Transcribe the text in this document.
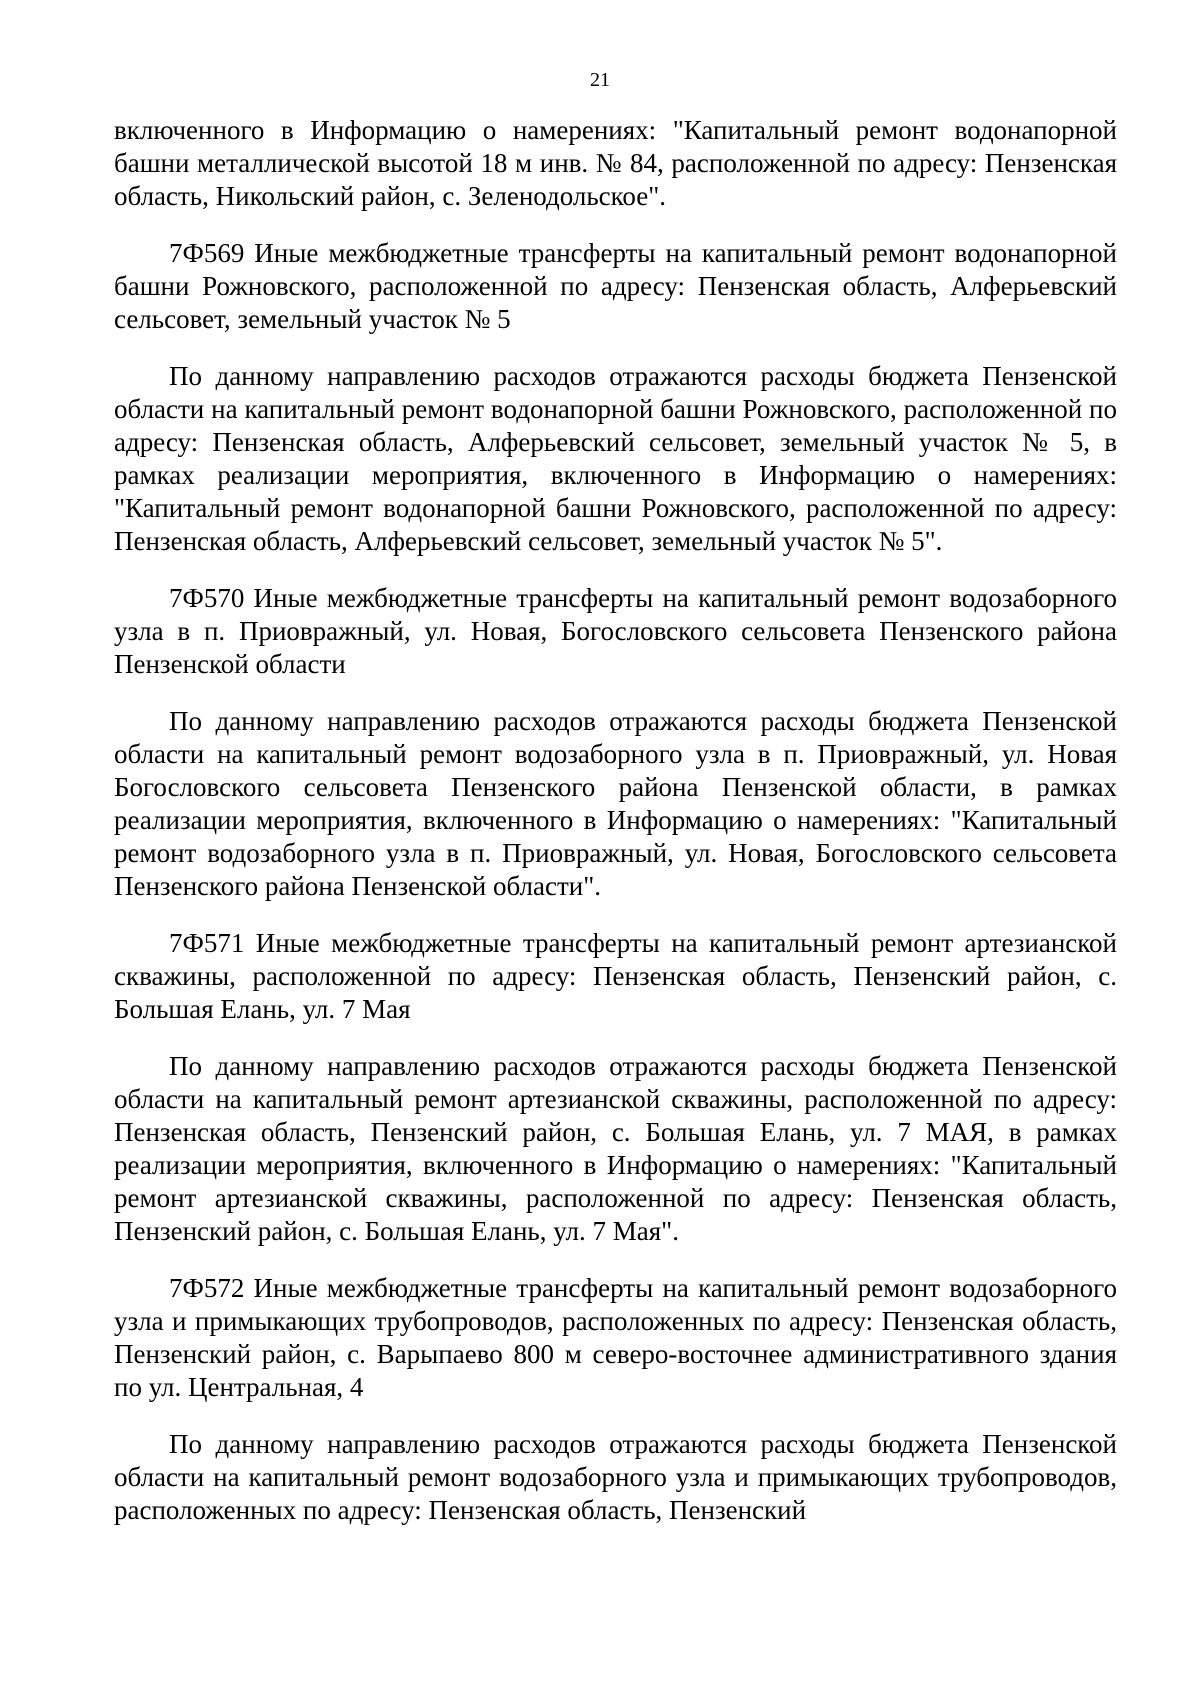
21

включенного в Информацию о намерениях: "Капитальный ремонт водонапорной башни металлической высотой 18 м инв. № 84, расположенной по адресу: Пензенская область, Никольский район, с. Зеленодольское".

7Ф569 Иные межбюджетные трансферты на капитальный ремонт водонапорной башни Рожновского, расположенной по адресу: Пензенская область, Алферьевский сельсовет, земельный участок № 5

По данному направлению расходов отражаются расходы бюджета Пензенской области на капитальный ремонт водонапорной башни Рожновского, расположенной по адресу: Пензенская область, Алферьевский сельсовет, земельный участок № 5, в рамках реализации мероприятия, включенного в Информацию о намерениях: "Капитальный ремонт водонапорной башни Рожновского, расположенной по адресу: Пензенская область, Алферьевский сельсовет, земельный участок № 5".

7Ф570 Иные межбюджетные трансферты на капитальный ремонт водозаборного узла в п. Приовражный, ул. Новая, Богословского сельсовета Пензенского района Пензенской области

По данному направлению расходов отражаются расходы бюджета Пензенской области на капитальный ремонт водозаборного узла в п. Приовражный, ул. Новая Богословского сельсовета Пензенского района Пензенской области, в рамках реализации мероприятия, включенного в Информацию о намерениях: "Капитальный ремонт водозаборного узла в п. Приовражный, ул. Новая, Богословского сельсовета Пензенского района Пензенской области".

7Ф571 Иные межбюджетные трансферты на капитальный ремонт артезианской скважины, расположенной по адресу: Пензенская область, Пензенский район, с. Большая Елань, ул. 7 Мая

По данному направлению расходов отражаются расходы бюджета Пензенской области на капитальный ремонт артезианской скважины, расположенной по адресу: Пензенская область, Пензенский район, с. Большая Елань, ул. 7 МАЯ, в рамках реализации мероприятия, включенного в Информацию о намерениях: "Капитальный ремонт артезианской скважины, расположенной по адресу: Пензенская область, Пензенский район, с. Большая Елань, ул. 7 Мая".

7Ф572 Иные межбюджетные трансферты на капитальный ремонт водозаборного узла и примыкающих трубопроводов, расположенных по адресу: Пензенская область, Пензенский район, с. Варыпаево 800 м северо-восточнее административного здания по ул. Центральная, 4

По данному направлению расходов отражаются расходы бюджета Пензенской области на капитальный ремонт водозаборного узла и примыкающих трубопроводов, расположенных по адресу: Пензенская область, Пензенский
